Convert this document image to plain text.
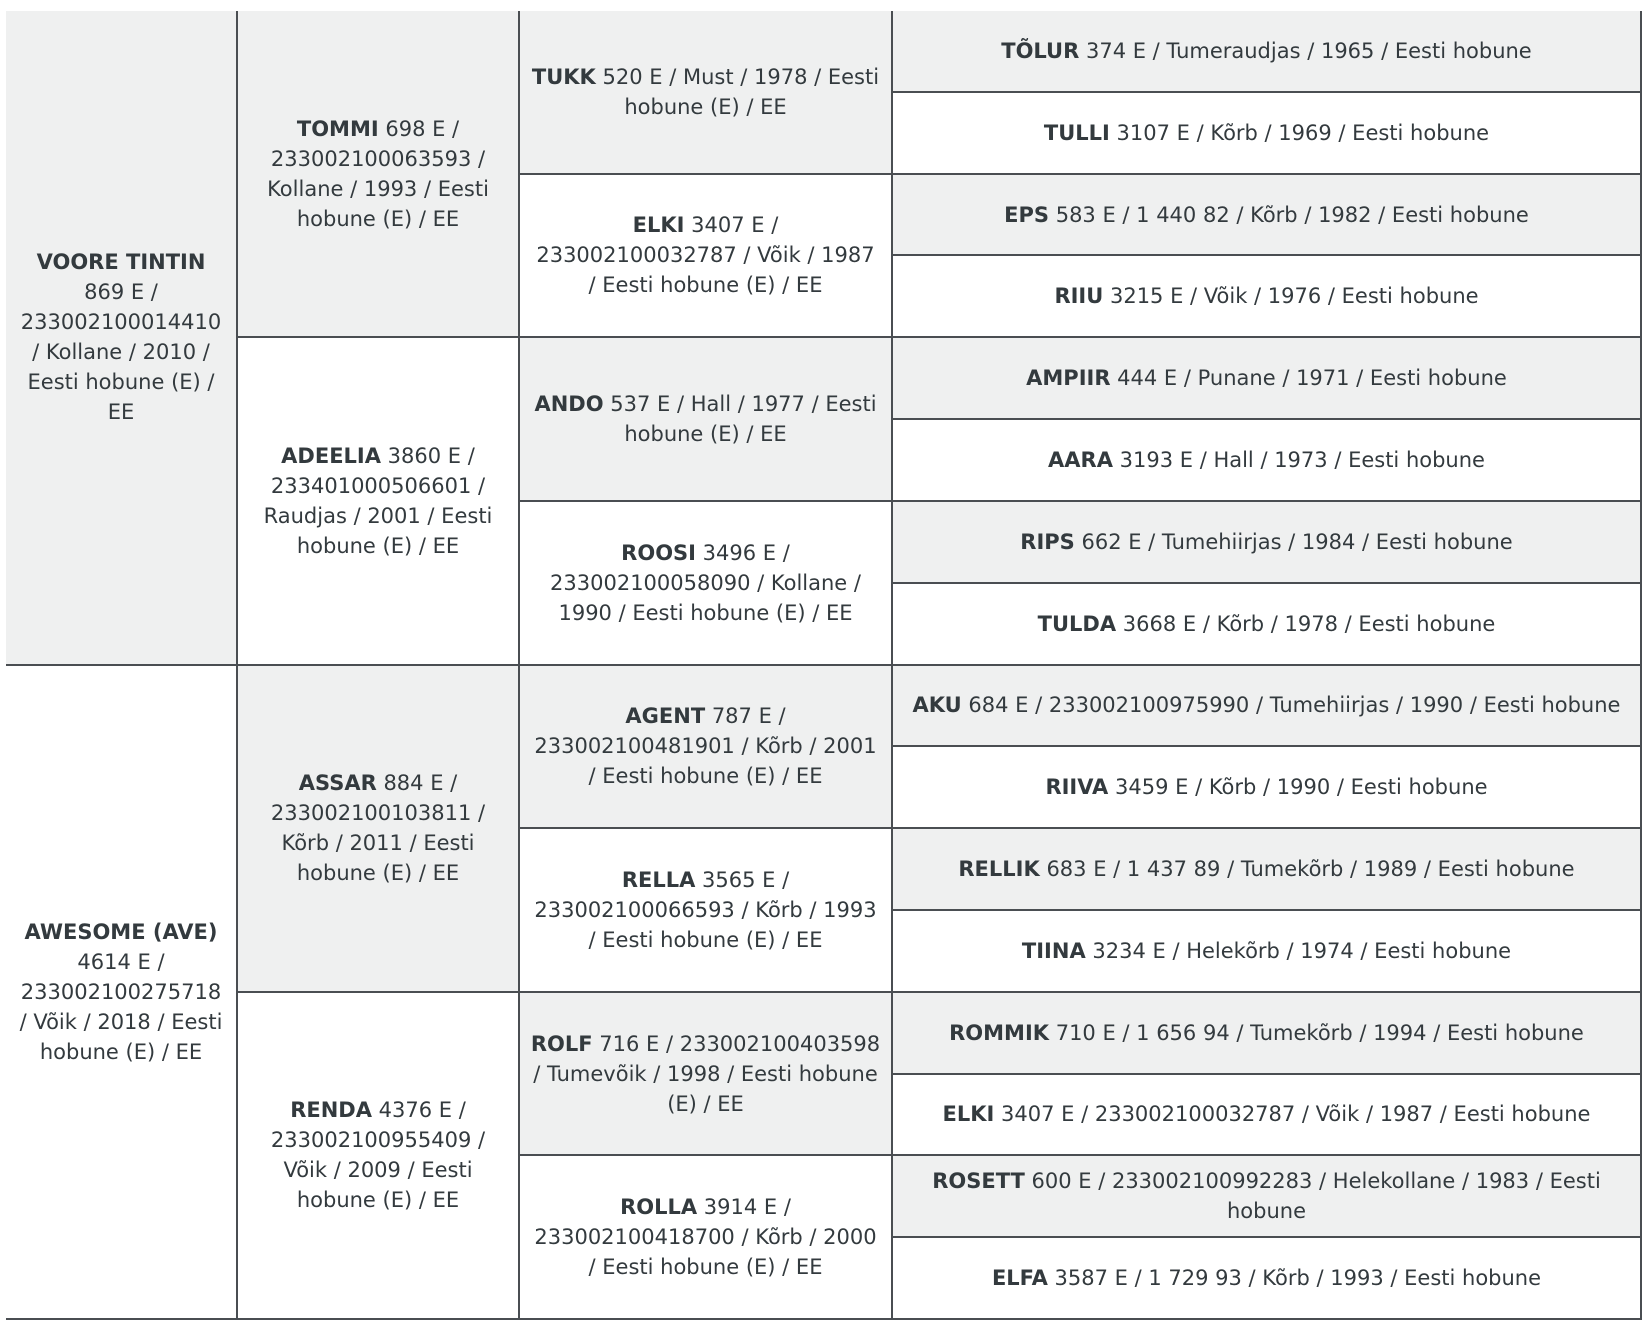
VOORE TINTIN 869 E / 233002100014410 / Kollane / 2010 / Eesti hobune (E) / EE
AWESOME (AVE) 4614 E / 233002100275718 / Võik / 2018 / Eesti hobune (E) / EE
TOMMI 698 E / 233002100063593 / Kollane / 1993 / Eesti hobune (E) / EE
ADEELIA 3860 E / 233401000506601 / Raudjas / 2001 / Eesti hobune (E) / EE
ASSAR 884 E / 233002100103811 / Kõrb / 2011 / Eesti hobune (E) / EE
RENDA 4376 E / 233002100955409 / Võik / 2009 / Eesti hobune (E) / EE
TUKK 520 E / Must / 1978 / Eesti hobune (E) / EE
ELKI 3407 E / 233002100032787 / Võik / 1987 / Eesti hobune (E) / EE
ANDO 537 E / Hall / 1977 / Eesti hobune (E) / EE
ROOSI 3496 E / 233002100058090 / Kollane / 1990 / Eesti hobune (E) / EE
AGENT 787 E / 233002100481901 / Kõrb / 2001 / Eesti hobune (E) / EE
RELLA 3565 E / 233002100066593 / Kõrb / 1993 / Eesti hobune (E) / EE
ROLF 716 E / 233002100403598 / Tumevõik / 1998 / Eesti hobune (E) / EE
ROLLA 3914 E / 233002100418700 / Kõrb / 2000 / Eesti hobune (E) / EE
TÕLUR 374 E / Tumeraudjas / 1965 / Eesti hobune
TULLI 3107 E / Kõrb / 1969 / Eesti hobune
EPS 583 E / 1 440 82 / Kõrb / 1982 / Eesti hobune
RIIU 3215 E / Võik / 1976 / Eesti hobune
AMPIIR 444 E / Punane / 1971 / Eesti hobune
AARA 3193 E / Hall / 1973 / Eesti hobune
RIPS 662 E / Tumehiirjas / 1984 / Eesti hobune
TULDA 3668 E / Kõrb / 1978 / Eesti hobune
AKU 684 E / 233002100975990 / Tumehiirjas / 1990 / Eesti hobune
RIIVA 3459 E / Kõrb / 1990 / Eesti hobune
RELLIK 683 E / 1 437 89 / Tumekõrb / 1989 / Eesti hobune
TIINA 3234 E / Helekõrb / 1974 / Eesti hobune
ROMMIK 710 E / 1 656 94 / Tumekõrb / 1994 / Eesti hobune
ELKI 3407 E / 233002100032787 / Võik / 1987 / Eesti hobune
ROSETT 600 E / 233002100992283 / Helekollane / 1983 / Eesti hobune
ELFA 3587 E / 1 729 93 / Kõrb / 1993 / Eesti hobune
